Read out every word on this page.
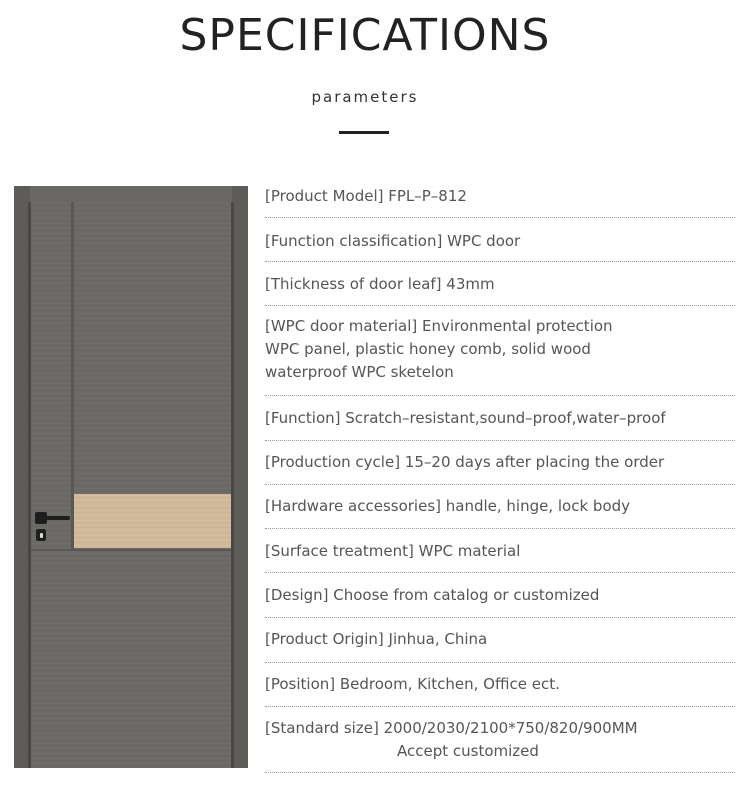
SPECIFICATIONS
parameters
[Product Model] FPL–P–812
[Function classification] WPC door
[Thickness of door leaf] 43mm
[WPC door material] Environmental protection
WPC panel, plastic honey comb, solid wood
waterproof WPC sketelon
[Function] Scratch–resistant,sound–proof,water–proof
[Production cycle] 15–20 days after placing the order
[Hardware accessories] handle, hinge, lock body
[Surface treatment] WPC material
[Design] Choose from catalog or customized
[Product Origin] Jinhua, China
[Position] Bedroom, Kitchen, Office ect.
[Standard size] 2000/2030/2100*750/820/900MM
Accept customized
